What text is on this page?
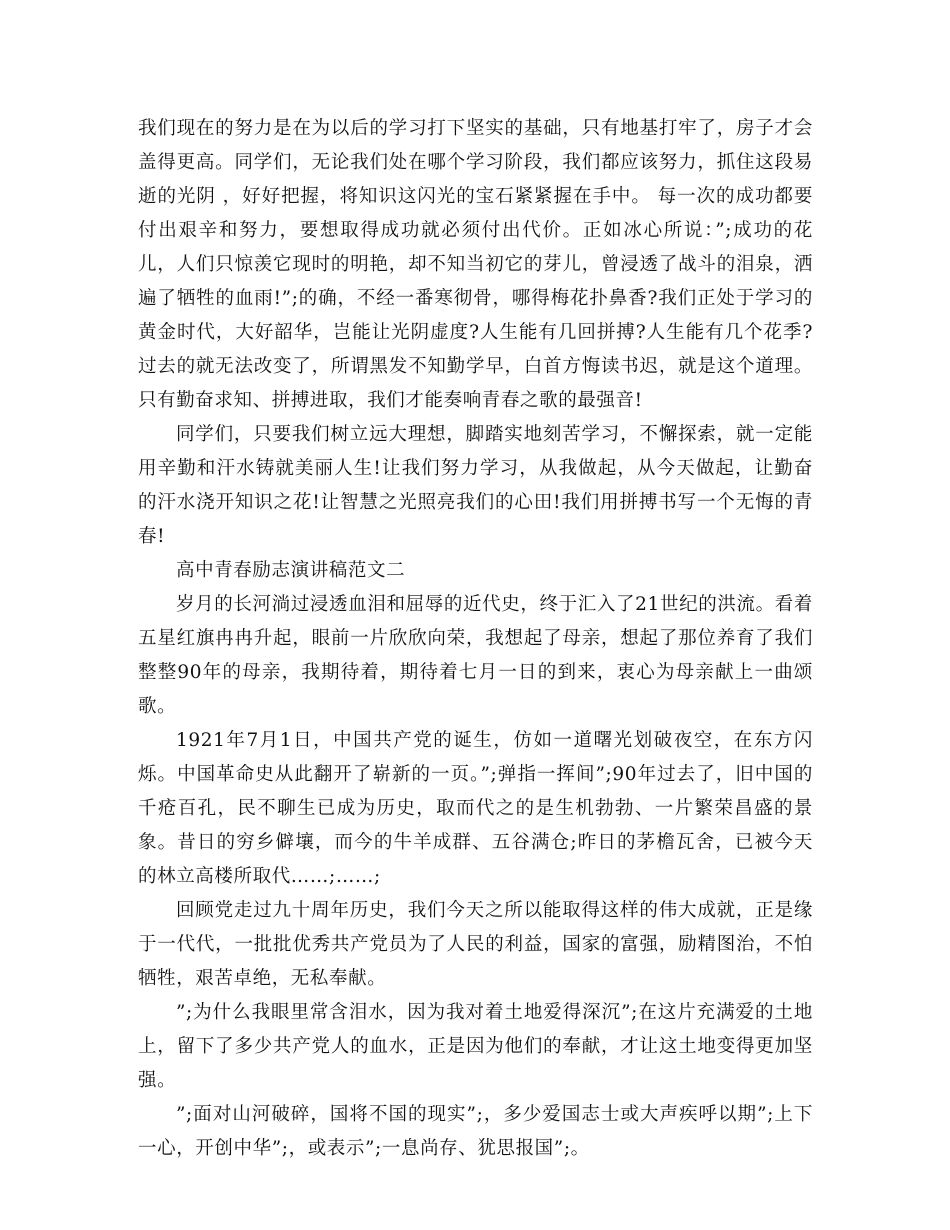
我们现在的努力是在为以后的学习打下坚实的基础，只有地基打牢了，房子才会盖得更高。同学们，无论我们处在哪个学习阶段，我们都应该努力，抓住这段易逝的光阴 ，好好把握，将知识这闪光的宝石紧紧握在手中。 每一次的成功都要付出艰辛和努力，要想取得成功就必须付出代价。正如冰心所说：”;成功的花儿，人们只惊羡它现时的明艳，却不知当初它的芽儿，曾浸透了战斗的泪泉，洒遍了牺牲的血雨!”;的确，不经一番寒彻骨，哪得梅花扑鼻香?我们正处于学习的黄金时代，大好韶华，岂能让光阴虚度?人生能有几回拼搏?人生能有几个花季?过去的就无法改变了，所谓黑发不知勤学早，白首方悔读书迟，就是这个道理。只有勤奋求知、拼搏进取，我们才能奏响青春之歌的最强音!

同学们，只要我们树立远大理想，脚踏实地刻苦学习，不懈探索，就一定能用辛勤和汗水铸就美丽人生!让我们努力学习，从我做起，从今天做起，让勤奋的汗水浇开知识之花!让智慧之光照亮我们的心田!我们用拼搏书写一个无悔的青春!

高中青春励志演讲稿范文二

岁月的长河淌过浸透血泪和屈辱的近代史，终于汇入了21世纪的洪流。看着五星红旗冉冉升起，眼前一片欣欣向荣，我想起了母亲，想起了那位养育了我们整整90年的母亲，我期待着，期待着七月一日的到来，衷心为母亲献上一曲颂歌。

1921年7月1日，中国共产党的诞生，仿如一道曙光划破夜空，在东方闪烁。中国革命史从此翻开了崭新的一页。”;弹指一挥间”;90年过去了，旧中国的千疮百孔，民不聊生已成为历史，取而代之的是生机勃勃、一片繁荣昌盛的景象。昔日的穷乡僻壤，而今的牛羊成群、五谷满仓;昨日的茅檐瓦舍，已被今天的林立高楼所取代……;……;

回顾党走过九十周年历史，我们今天之所以能取得这样的伟大成就，正是缘于一代代，一批批优秀共产党员为了人民的利益，国家的富强，励精图治，不怕牺牲，艰苦卓绝，无私奉献。

”;为什么我眼里常含泪水，因为我对着土地爱得深沉”;在这片充满爱的土地上，留下了多少共产党人的血水，正是因为他们的奉献，才让这土地变得更加坚强。

”;面对山河破碎，国将不国的现实”;，多少爱国志士或大声疾呼以期”;上下一心，开创中华”;，或表示”;一息尚存、犹思报国”;。
